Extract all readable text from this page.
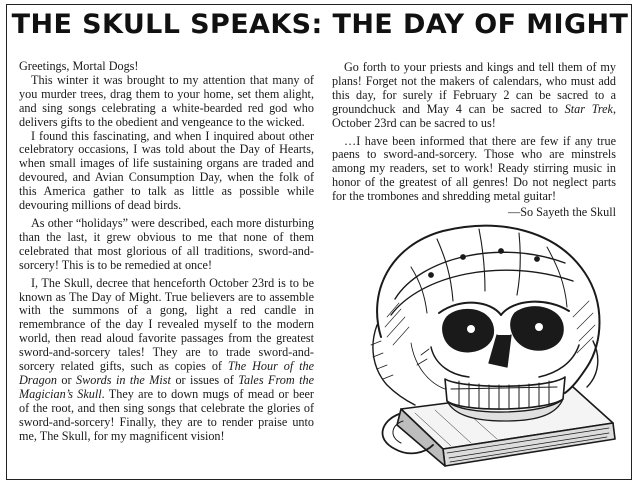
THE SKULL SPEAKS: THE DAY OF MIGHT

Greetings, Mortal Dogs!

This winter it was brought to my attention that many of you murder trees, drag them to your home, set them alight, and sing songs celebrating a white-bearded red god who delivers gifts to the obedient and vengeance to the wicked.

I found this fascinating, and when I inquired about other celebratory occasions, I was told about the Day of Hearts, when small images of life sustaining organs are traded and devoured, and Avian Consumption Day, when the folk of this America gather to talk as little as possible while devouring millions of dead birds.

As other “holidays” were described, each more disturbing than the last, it grew obvious to me that none of them celebrated that most glorious of all traditions, sword-and-sorcery! This is to be remedied at once!

I, The Skull, decree that henceforth October 23rd is to be known as The Day of Might. True believers are to assemble with the summons of a gong, light a red candle in remembrance of the day I revealed myself to the modern world, then read aloud favorite passages from the greatest sword-and-sorcery tales! They are to trade sword-and-sorcery related gifts, such as copies of The Hour of the Dragon or Swords in the Mist or issues of Tales From the Magician’s Skull. They are to down mugs of mead or beer of the root, and then sing songs that celebrate the glories of sword-and-sorcery! Finally, they are to render praise unto me, The Skull, for my magnificent vision!

Go forth to your priests and kings and tell them of my plans! Forget not the makers of calendars, who must add this day, for surely if February 2 can be sacred to a groundchuck and May 4 can be sacred to Star Trek, October 23rd can be sacred to us!

…I have been informed that there are few if any true paens to sword-and-sorcery. Those who are minstrels among my readers, set to work! Ready stirring music in honor of the greatest of all genres! Do not neglect parts for the trombones and shredding metal guitar!

—So Sayeth the Skull
